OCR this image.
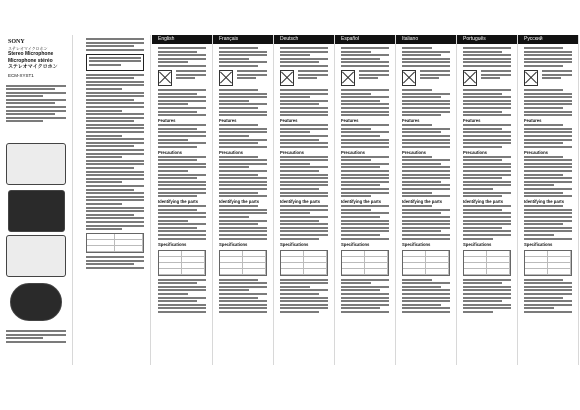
SONY
ステレオマイクロホン
Stereo Microphone
Microphone stéréo
ステレオマイクロホン
ECM-XYST1
English
Features
Precautions
Identifying the parts
Specifications
Français
Features
Precautions
Identifying the parts
Specifications
Deutsch
Features
Precautions
Identifying the parts
Specifications
Español
Features
Precautions
Identifying the parts
Specifications
Italiano
Features
Precautions
Identifying the parts
Specifications
Português
Features
Precautions
Identifying the parts
Specifications
Русский
Features
Precautions
Identifying the parts
Specifications
